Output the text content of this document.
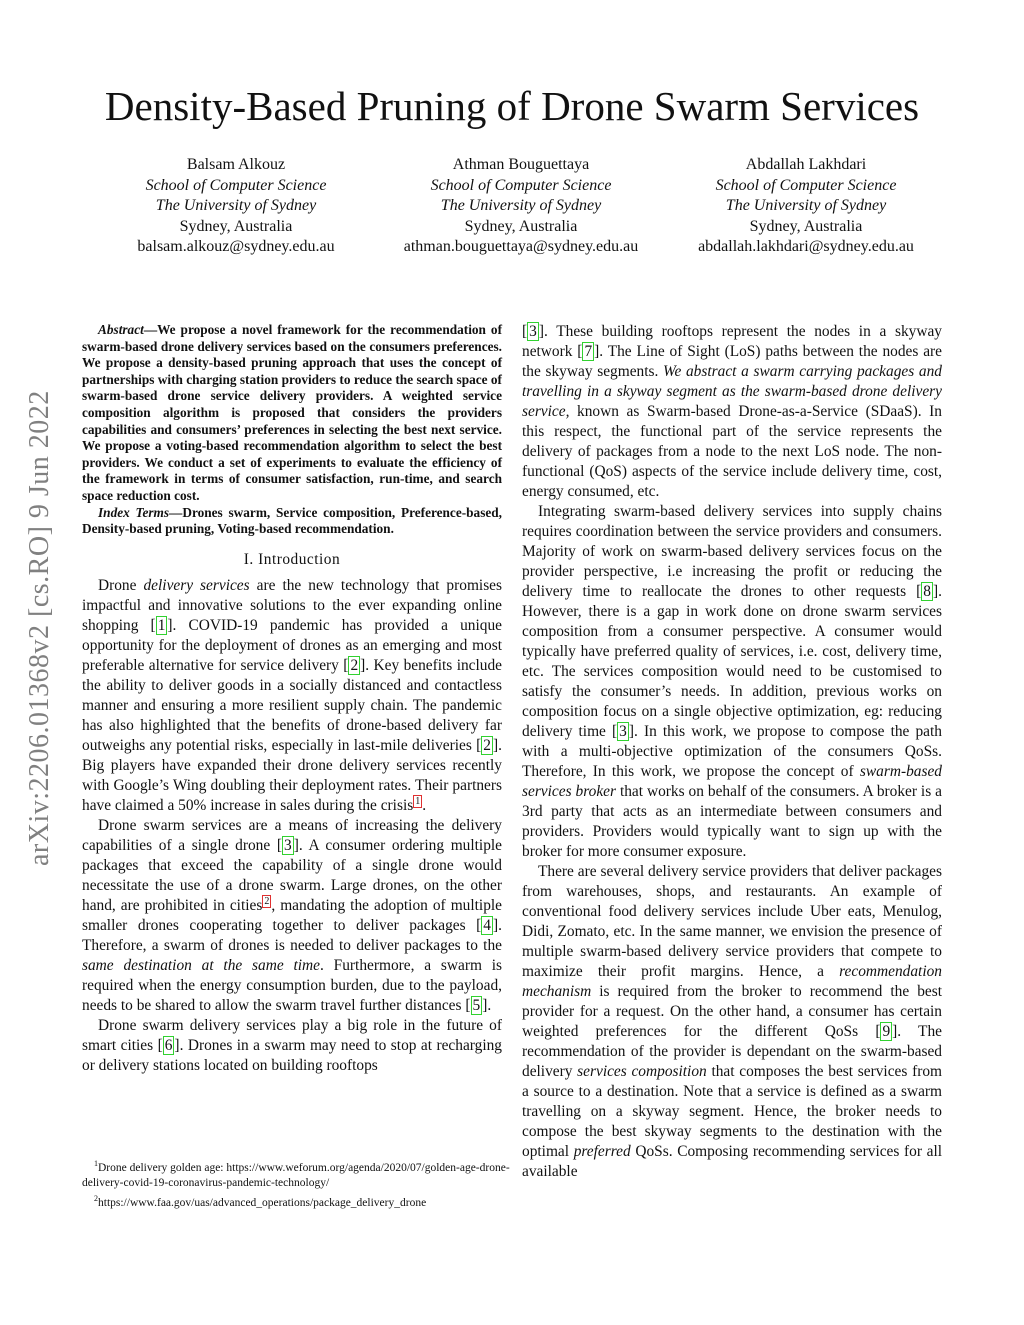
arXiv:2206.01368v2 [cs.RO] 9 Jun 2022
Density-Based Pruning of Drone Swarm Services
Balsam Alkouz
School of Computer Science
The University of Sydney
Sydney, Australia
balsam.alkouz@sydney.edu.au
Athman Bouguettaya
School of Computer Science
The University of Sydney
Sydney, Australia
athman.bouguettaya@sydney.edu.au
Abdallah Lakhdari
School of Computer Science
The University of Sydney
Sydney, Australia
abdallah.lakhdari@sydney.edu.au

Abstract—We propose a novel framework for the recommendation of swarm-based drone delivery services based on the consumers preferences. We propose a density-based pruning approach that uses the concept of partnerships with charging station providers to reduce the search space of swarm-based drone service delivery providers. A weighted service composition algorithm is proposed that considers the providers capabilities and consumers’ preferences in selecting the best next service. We propose a voting-based recommendation algorithm to select the best providers. We conduct a set of experiments to evaluate the efficiency of the framework in terms of consumer satisfaction, run-time, and search space reduction cost.

Index Terms—Drones swarm, Service composition, Preference-based, Density-based pruning, Voting-based recommendation.

I. Introduction

Drone delivery services are the new technology that promises impactful and innovative solutions to the ever expanding online shopping [ 1 ]. COVID-19 pandemic has provided a unique opportunity for the deployment of drones as an emerging and most preferable alternative for service delivery [ 2 ]. Key benefits include the ability to deliver goods in a socially distanced and contactless manner and ensuring a more resilient supply chain. The pandemic has also highlighted that the benefits of drone-based delivery far outweighs any potential risks, especially in last-mile deliveries [ 2 ]. Big players have expanded their drone delivery services recently with Google’s Wing doubling their deployment rates. Their partners have claimed a 50% increase in sales during the crisis $^1$ .

Drone swarm services are a means of increasing the delivery capabilities of a single drone [ 3 ]. A consumer ordering multiple packages that exceed the capability of a single drone would necessitate the use of a drone swarm. Large drones, on the other hand, are prohibited in cities $^2$ , mandating the adoption of multiple smaller drones cooperating together to deliver packages [ 4 ]. Therefore, a swarm of drones is needed to deliver packages to the same destination at the same time. Furthermore, a swarm is required when the energy consumption burden, due to the payload, needs to be shared to allow the swarm travel further distances [ 5 ].

Drone swarm delivery services play a big role in the future of smart cities [ 6 ]. Drones in a swarm may need to stop at recharging or delivery stations located on building rooftops

$^1$Drone delivery golden age: https://www.weforum.org/agenda/2020/07/golden-age-drone-delivery-covid-19-coronavirus-pandemic-technology/
$^2$https://www.faa.gov/uas/advanced_operations/package_delivery_drone

[ 3 ]. These building rooftops represent the nodes in a skyway network [ 7 ]. The Line of Sight (LoS) paths between the nodes are the skyway segments. We abstract a swarm carrying packages and travelling in a skyway segment as the swarm-based drone delivery service, known as Swarm-based Drone-as-a-Service (SDaaS). In this respect, the functional part of the service represents the delivery of packages from a node to the next LoS node. The non-functional (QoS) aspects of the service include delivery time, cost, energy consumed, etc.

Integrating swarm-based delivery services into supply chains requires coordination between the service providers and consumers. Majority of work on swarm-based delivery services focus on the provider perspective, i.e increasing the profit or reducing the delivery time to reallocate the drones to other requests [ 8 ]. However, there is a gap in work done on drone swarm services composition from a consumer perspective. A consumer would typically have preferred quality of services, i.e. cost, delivery time, etc. The services composition would need to be customised to satisfy the consumer’s needs. In addition, previous works on composition focus on a single objective optimization, eg: reducing delivery time [ 3 ]. In this work, we propose to compose the path with a multi-objective optimization of the consumers QoSs. Therefore, In this work, we propose the concept of swarm-based services broker that works on behalf of the consumers. A broker is a 3rd party that acts as an intermediate between consumers and providers. Providers would typically want to sign up with the broker for more consumer exposure.

There are several delivery service providers that deliver packages from warehouses, shops, and restaurants. An example of conventional food delivery services include Uber eats, Menulog, Didi, Zomato, etc. In the same manner, we envision the presence of multiple swarm-based delivery service providers that compete to maximize their profit margins. Hence, a recommendation mechanism is required from the broker to recommend the best provider for a request. On the other hand, a consumer has certain weighted preferences for the different QoSs [ 9 ]. The recommendation of the provider is dependant on the swarm-based delivery services composition that composes the best services from a source to a destination. Note that a service is defined as a swarm travelling on a skyway segment. Hence, the broker needs to compose the best skyway segments to the destination with the optimal preferred QoSs. Composing recommending services for all available
